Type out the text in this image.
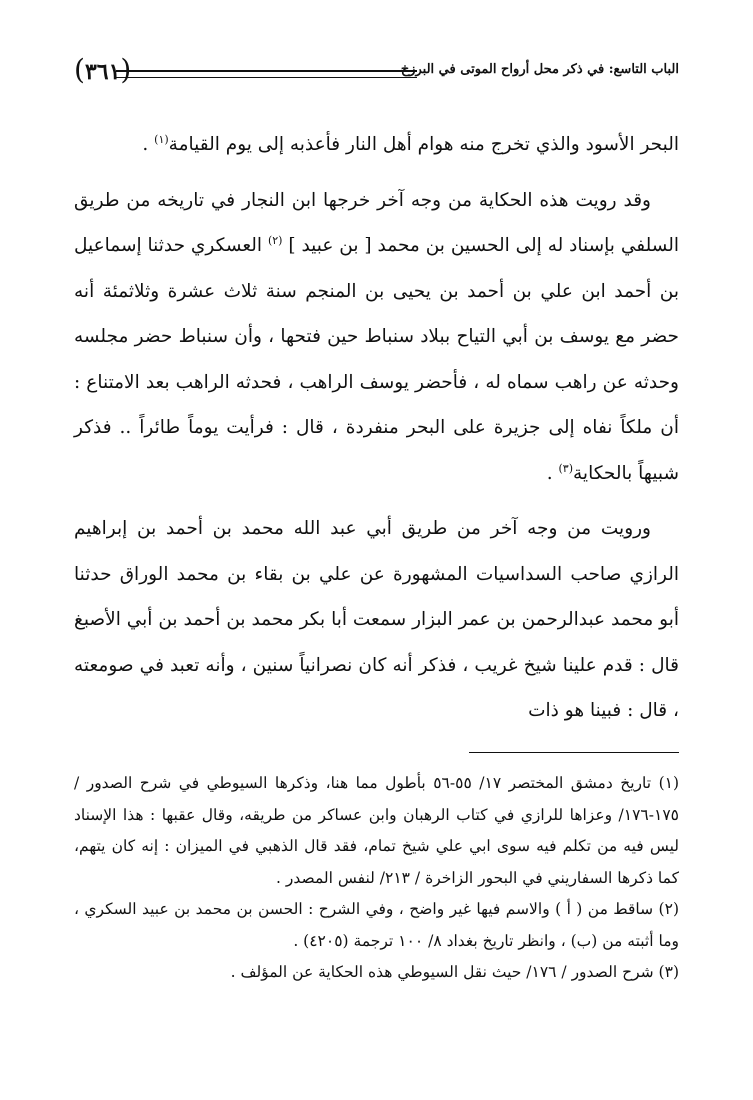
الباب التاسع: في ذكر محل أرواح الموتى في البرزخ
(٣٦١)

البحر الأسود والذي تخرج منه هوام أهل النار فأعذبه إلى يوم القيامة$^{(١)}$ .

وقد رويت هذه الحكاية من وجه آخر خرجها ابن النجار في تاريخه من طريق السلفي بإسناد له إلى الحسين بن محمد [ بن عبيد ] $^{(٢)}$ العسكري حدثنا إسماعيل بن أحمد ابن علي بن أحمد بن يحيى بن المنجم سنة ثلاث عشرة وثلاثمئة أنه حضر مع يوسف بن أبي التياح ببلاد سنباط حين فتحها ، وأن سنباط حضر مجلسه وحدثه عن راهب سماه له ، فأحضر يوسف الراهب ، فحدثه الراهب بعد الامتناع : أن ملكاً نفاه إلى جزيرة على البحر منفردة ، قال : فرأيت يوماً طائراً .. فذكر شبيهاً بالحكاية$^{(٣)}$ .

ورويت من وجه آخر من طريق أبي عبد الله محمد بن أحمد بن إبراهيم الرازي صاحب السداسيات المشهورة عن علي بن بقاء بن محمد الوراق حدثنا أبو محمد عبدالرحمن بن عمر البزار سمعت أبا بكر محمد بن أحمد بن أبي الأصبغ قال : قدم علينا شيخ غريب ، فذكر أنه كان نصرانياً سنين ، وأنه تعبد في صومعته ، قال : فبينا هو ذات

(١) تاريخ دمشق المختصر ١٧/ ٥٥-٥٦ بأطول مما هنا، وذكرها السيوطي في شرح الصدور / ١٧٥-١٧٦/ وعزاها للرازي في كتاب الرهبان وابن عساكر من طريقه، وقال عقبها : هذا الإسناد ليس فيه من تكلم فيه سوى ابي علي شيخ تمام، فقد قال الذهبي في الميزان : إنه كان يتهم، كما ذكرها السفاريني في البحور الزاخرة / ٢١٣/ لنفس المصدر .

(٢) ساقط من ( أ ) والاسم فيها غير واضح ، وفي الشرح : الحسن بن محمد بن عبيد السكري ، وما أثبته من (ب) ، وانظر تاريخ بغداد ٨/ ١٠٠ ترجمة (٤٢٠٥) .

(٣) شرح الصدور / ١٧٦/ حيث نقل السيوطي هذه الحكاية عن المؤلف .
